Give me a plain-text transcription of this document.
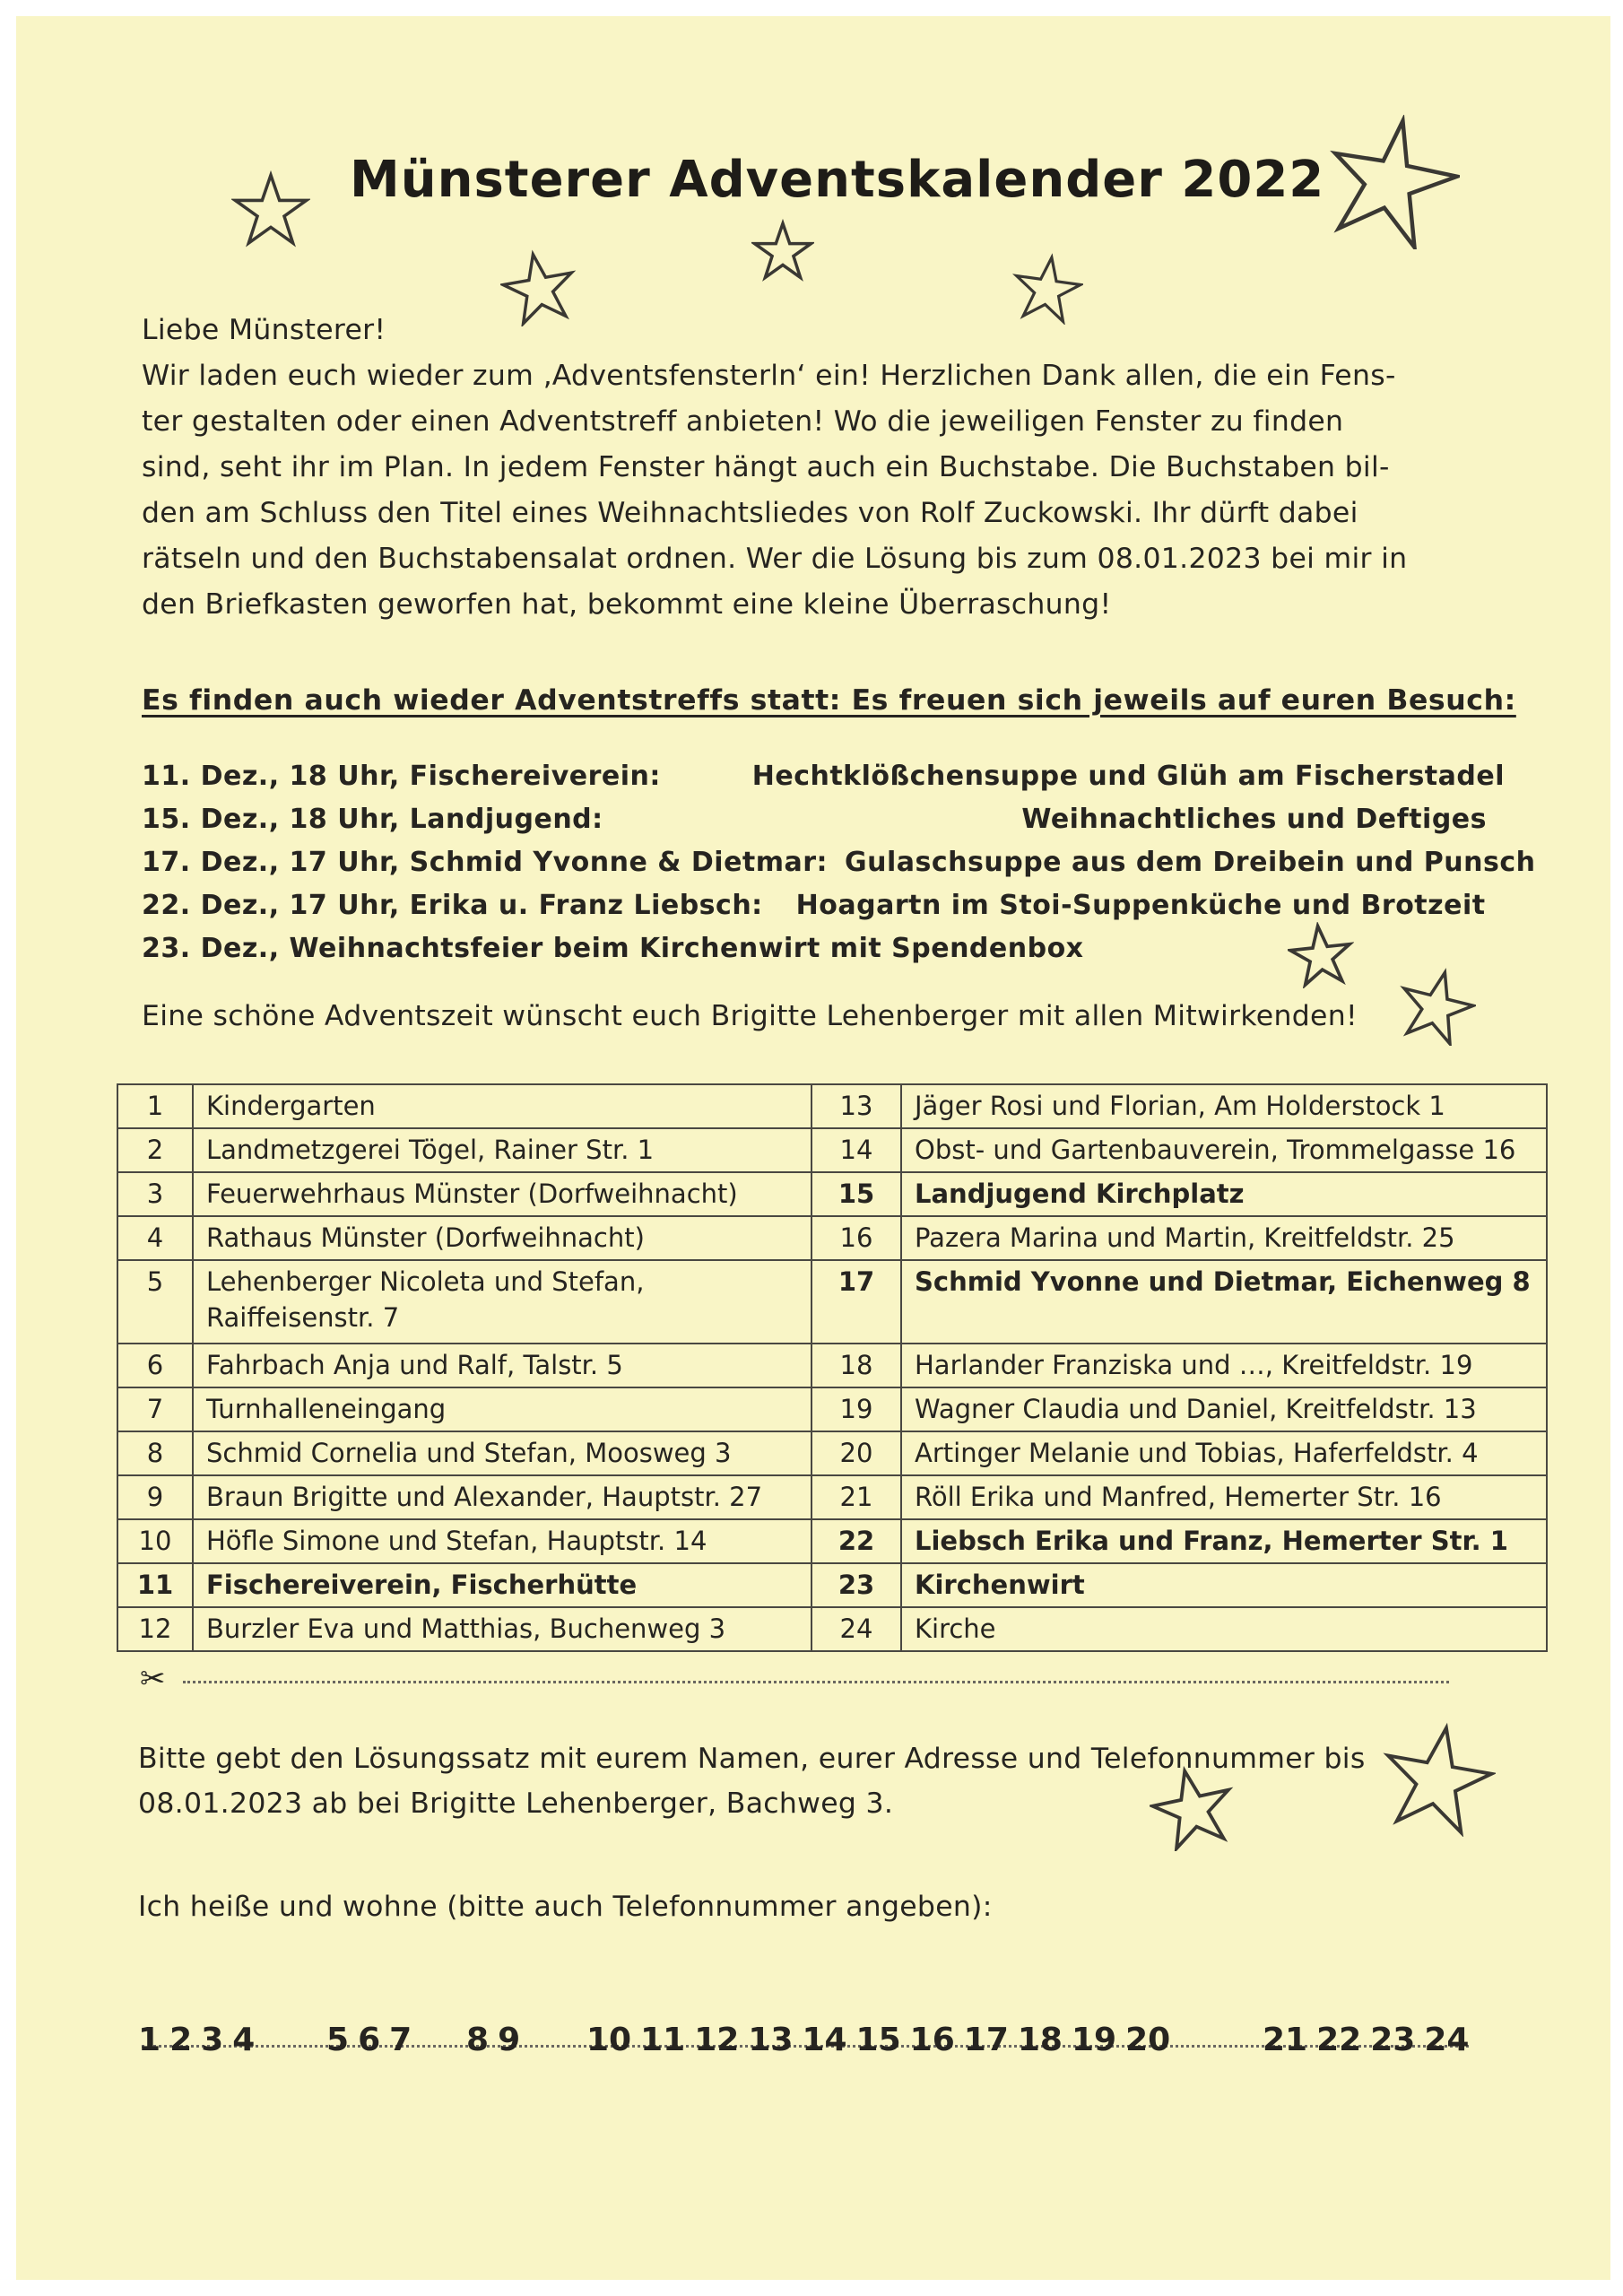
Münsterer Adventskalender 2022
Liebe Münsterer!
Wir laden euch wieder zum ‚Adventsfensterln‘ ein! Herzlichen Dank allen, die ein Fens-
ter gestalten oder einen Adventstreff anbieten! Wo die jeweiligen Fenster zu finden
sind, seht ihr im Plan. In jedem Fenster hängt auch ein Buchstabe. Die Buchstaben bil-
den am Schluss den Titel eines Weihnachtsliedes von Rolf Zuckowski. Ihr dürft dabei
rätseln und den Buchstabensalat ordnen. Wer die Lösung bis zum 08.01.2023 bei mir in
den Briefkasten geworfen hat, bekommt eine kleine Überraschung!
Es finden auch wieder Adventstreffs statt: Es freuen sich jeweils auf euren Besuch:
11. Dez., 18 Uhr, Fischereiverein:	Hechtklößchensuppe und Glüh am Fischerstadel
15. Dez., 18 Uhr, Landjugend:	Weihnachtliches und Deftiges
17. Dez., 17 Uhr, Schmid Yvonne & Dietmar: Gulaschsuppe aus dem Dreibein und Punsch
22. Dez., 17 Uhr, Erika u. Franz Liebsch: Hoagartn im Stoi-Suppenküche und Brotzeit
23. Dez., Weihnachtsfeier beim Kirchenwirt mit Spendenbox
Eine schöne Adventszeit wünscht euch Brigitte Lehenberger mit allen Mitwirkenden!
1	Kindergarten	13	Jäger Rosi und Florian, Am Holderstock 1
2	Landmetzgerei Tögel, Rainer Str. 1	14	Obst- und Gartenbauverein, Trommelgasse 16
3	Feuerwehrhaus Münster (Dorfweihnacht)	15	Landjugend Kirchplatz
4	Rathaus Münster (Dorfweihnacht)	16	Pazera Marina und Martin, Kreitfeldstr. 25
5	Lehenberger Nicoleta und Stefan, Raiffeisenstr. 7	17	Schmid Yvonne und Dietmar, Eichenweg 8
6	Fahrbach Anja und Ralf, Talstr. 5	18	Harlander Franziska und …, Kreitfeldstr. 19
7	Turnhalleneingang	19	Wagner Claudia und Daniel, Kreitfeldstr. 13
8	Schmid Cornelia und Stefan, Moosweg 3	20	Artinger Melanie und Tobias, Haferfeldstr. 4
9	Braun Brigitte und Alexander, Hauptstr. 27	21	Röll Erika und Manfred, Hemerter Str. 16
10	Höfle Simone und Stefan, Hauptstr. 14	22	Liebsch Erika und Franz, Hemerter Str. 1
11	Fischereiverein, Fischerhütte	23	Kirchenwirt
12	Burzler Eva und Matthias, Buchenweg 3	24	Kirche
✂
Bitte gebt den Lösungssatz mit eurem Namen, eurer Adresse und Telefonnummer bis
08.01.2023 ab bei Brigitte Lehenberger, Bachweg 3.
Ich heiße und wohne (bitte auch Telefonnummer angeben):
1 2 3 4 5 6 7 8 9 10 11 12 13 14 15 16 17 18 19 20	21 22 23 24
